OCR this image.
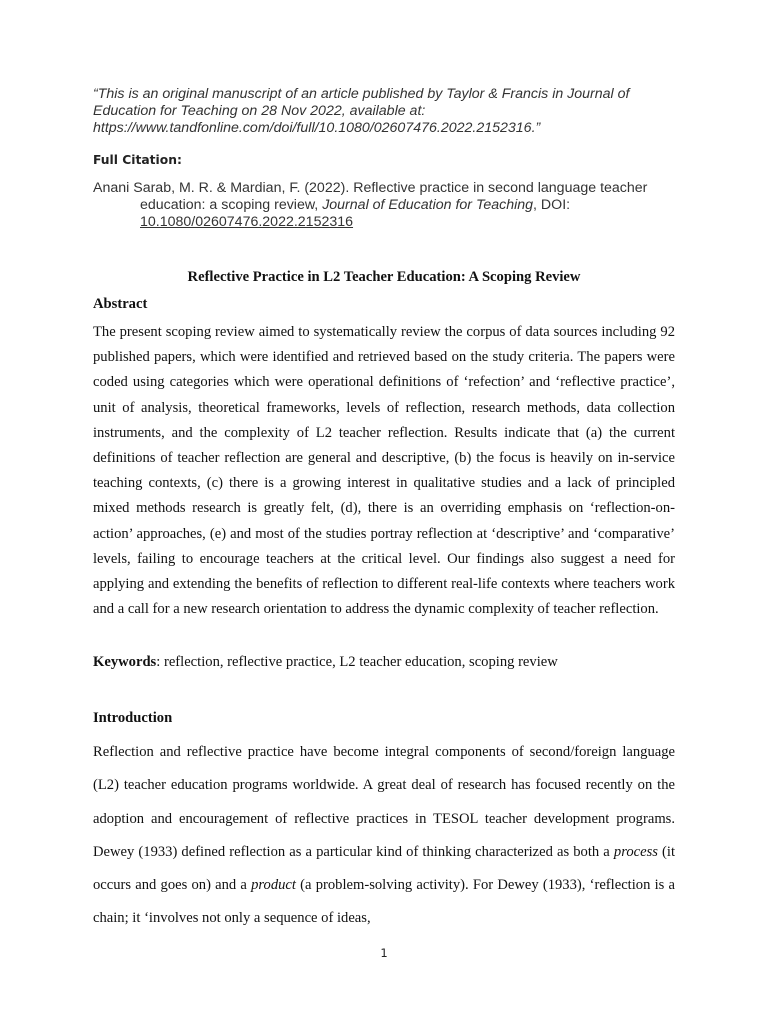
“This is an original manuscript of an article published by Taylor & Francis in Journal of Education for Teaching on 28 Nov 2022, available at: https://www.tandfonline.com/doi/full/10.1080/02607476.2022.2152316.”
Full Citation:
Anani Sarab, M. R. & Mardian, F. (2022). Reflective practice in second language teacher education: a scoping review, Journal of Education for Teaching, DOI: 10.1080/02607476.2022.2152316
Reflective Practice in L2 Teacher Education: A Scoping Review
Abstract

The present scoping review aimed to systematically review the corpus of data sources including 92 published papers, which were identified and retrieved based on the study criteria. The papers were coded using categories which were operational definitions of ‘refection’ and ‘reflective practice’, unit of analysis, theoretical frameworks, levels of reflection, research methods, data collection instruments, and the complexity of L2 teacher reflection. Results indicate that (a) the current definitions of teacher reflection are general and descriptive, (b) the focus is heavily on in-service teaching contexts, (c) there is a growing interest in qualitative studies and a lack of principled mixed methods research is greatly felt, (d), there is an overriding emphasis on ‘reflection-on-action’ approaches, (e) and most of the studies portray reflection at ‘descriptive’ and ‘comparative’ levels, failing to encourage teachers at the critical level. Our findings also suggest a need for applying and extending the benefits of reflection to different real-life contexts where teachers work and a call for a new research orientation to address the dynamic complexity of teacher reflection.

Keywords: reflection, reflective practice, L2 teacher education, scoping review
Introduction

Reflection and reflective practice have become integral components of second/foreign language (L2) teacher education programs worldwide. A great deal of research has focused recently on the adoption and encouragement of reflective practices in TESOL teacher development programs. Dewey (1933) defined reflection as a particular kind of thinking characterized as both a process (it occurs and goes on) and a product (a problem-solving activity). For Dewey (1933), ‘reflection is a chain; it ‘involves not only a sequence of ideas,

1
